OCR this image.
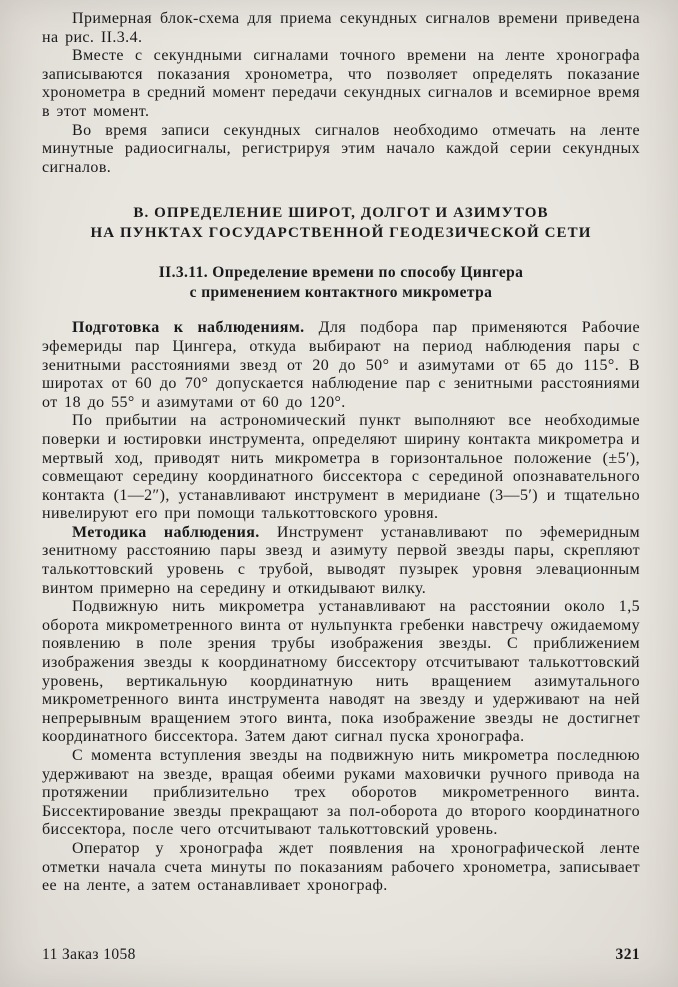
Примерная блок-схема для приема секундных сигналов времени приведена на рис. II.3.4.

Вместе с секундными сигналами точного времени на ленте хронографа записываются показания хронометра, что позволяет определять показание хронометра в средний момент передачи секундных сигналов и всемирное время в этот момент.

Во время записи секундных сигналов необходимо отмечать на ленте минутные радиосигналы, регистрируя этим начало каждой серии секундных сигналов.

В. ОПРЕДЕЛЕНИЕ ШИРОТ, ДОЛГОТ И АЗИМУТОВ
НА ПУНКТАХ ГОСУДАРСТВЕННОЙ ГЕОДЕЗИЧЕСКОЙ СЕТИ
II.3.11. Определение времени по способу Цингера
с применением контактного микрометра

Подготовка к наблюдениям. Для подбора пар применяются Рабочие эфемериды пар Цингера, откуда выбирают на период наблюдения пары с зенитными расстояниями звезд от 20 до 50° и азимутами от 65 до 115°. В широтах от 60 до 70° допускается наблюдение пар с зенитными расстояниями от 18 до 55° и азимутами от 60 до 120°.

По прибытии на астрономический пункт выполняют все необходимые поверки и юстировки инструмента, определяют ширину контакта микрометра и мертвый ход, приводят нить микрометра в горизонтальное положение (±5′), совмещают середину координатного биссектора с серединой опознавательного контакта (1—2″), устанавливают инструмент в меридиане (3—5′) и тщательно нивелируют его при помощи талькоттовского уровня.

Методика наблюдения. Инструмент устанавливают по эфемеридным зенитному расстоянию пары звезд и азимуту первой звезды пары, скрепляют талькоттовский уровень с трубой, выводят пузырек уровня элевационным винтом примерно на середину и откидывают вилку.

Подвижную нить микрометра устанавливают на расстоянии около 1,5 оборота микрометренного винта от нульпункта гребенки навстречу ожидаемому появлению в поле зрения трубы изображения звезды. С приближением изображения звезды к координатному биссектору отсчитывают талькоттовский уровень, вертикальную координатную нить вращением азимутального микрометренного винта инструмента наводят на звезду и удерживают на ней непрерывным вращением этого винта, пока изображение звезды не достигнет координатного биссектора. Затем дают сигнал пуска хронографа.

С момента вступления звезды на подвижную нить микрометра последнюю удерживают на звезде, вращая обеими руками маховички ручного привода на протяжении приблизительно трех оборотов микрометренного винта. Биссектирование звезды прекращают за пол-оборота до второго координатного биссектора, после чего отсчитывают талькоттовский уровень.

Оператор у хронографа ждет появления на хронографической ленте отметки начала счета минуты по показаниям рабочего хронометра, записывает ее на ленте, а затем останавливает хронограф.

11 Заказ 1058	321
